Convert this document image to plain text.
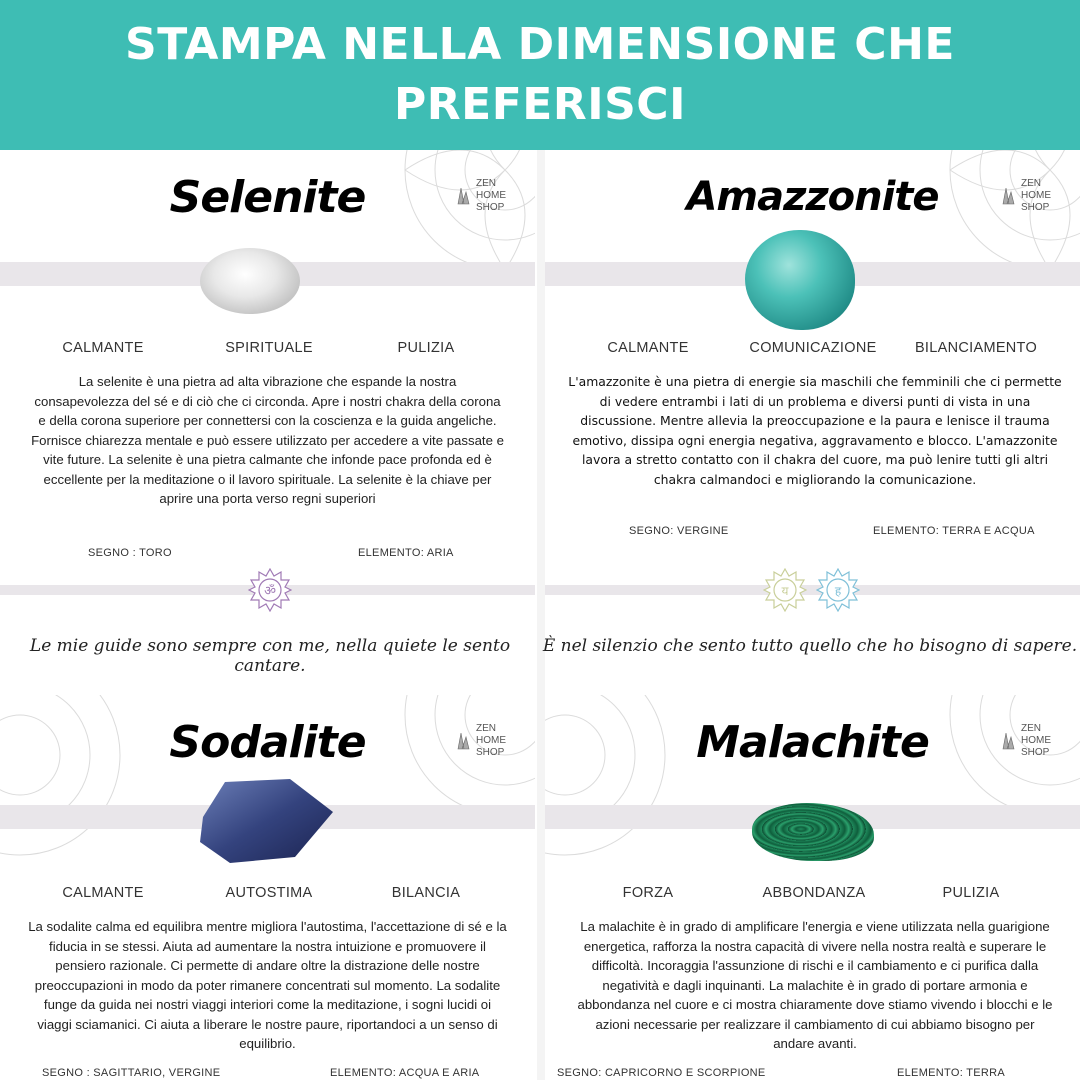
STAMPA NELLA DIMENSIONE CHE PREFERISCI
Selenite	ZEN
HOME
SHOP
CALMANTE	SPIRITUALE	PULIZIA
La selenite è una pietra ad alta vibrazione che espande la nostra consapevolezza del sé e di ciò che ci circonda. Apre i nostri chakra della corona e della corona superiore per connettersi con la coscienza e la guida angeliche. Fornisce chiarezza mentale e può essere utilizzato per accedere a vite passate e vite future. La selenite è una pietra calmante che infonde pace profonda ed è eccellente per la meditazione o il lavoro spirituale. La selenite è la chiave per aprire una porta verso regni superiori
SEGNO : TORO	ELEMENTO: ARIA
ॐ
Le mie guide sono sempre con me, nella quiete le sento cantare.
Amazzonite	ZEN
HOME
SHOP
CALMANTE	COMUNICAZIONE	BILANCIAMENTO
L'amazzonite è una pietra di energie sia maschili che femminili che ci permette di vedere entrambi i lati di un problema e diversi punti di vista in una discussione. Mentre allevia la preoccupazione e la paura e lenisce il trauma emotivo, dissipa ogni energia negativa, aggravamento e blocco. L'amazzonite lavora a stretto contatto con il chakra del cuore, ma può lenire tutti gli altri chakra calmandoci e migliorando la comunicazione.
SEGNO: VERGINE	ELEMENTO: TERRA E ACQUA
य	ह
È nel silenzio che sento tutto quello che ho bisogno di sapere.
Sodalite	ZEN
HOME
SHOP
CALMANTE	AUTOSTIMA	BILANCIA
La sodalite calma ed equilibra mentre migliora l'autostima, l'accettazione di sé e la fiducia in se stessi. Aiuta ad aumentare la nostra intuizione e promuovere il pensiero razionale. Ci permette di andare oltre la distrazione delle nostre preoccupazioni in modo da poter rimanere concentrati sul momento. La sodalite funge da guida nei nostri viaggi interiori come la meditazione, i sogni lucidi oi viaggi sciamanici. Ci aiuta a liberare le nostre paure, riportandoci a un senso di equilibrio.
SEGNO : SAGITTARIO, VERGINE	ELEMENTO: ACQUA E ARIA
Malachite	ZEN
HOME
SHOP
FORZA	ABBONDANZA	PULIZIA
La malachite è in grado di amplificare l'energia e viene utilizzata nella guarigione energetica, rafforza la nostra capacità di vivere nella nostra realtà e superare le difficoltà. Incoraggia l'assunzione di rischi e il cambiamento e ci purifica dalla negatività e dagli inquinanti. La malachite è in grado di portare armonia e abbondanza nel cuore e ci mostra chiaramente dove stiamo vivendo i blocchi e le azioni necessarie per realizzare il cambiamento di cui abbiamo bisogno per andare avanti.
SEGNO: CAPRICORNO E SCORPIONE	ELEMENTO: TERRA
